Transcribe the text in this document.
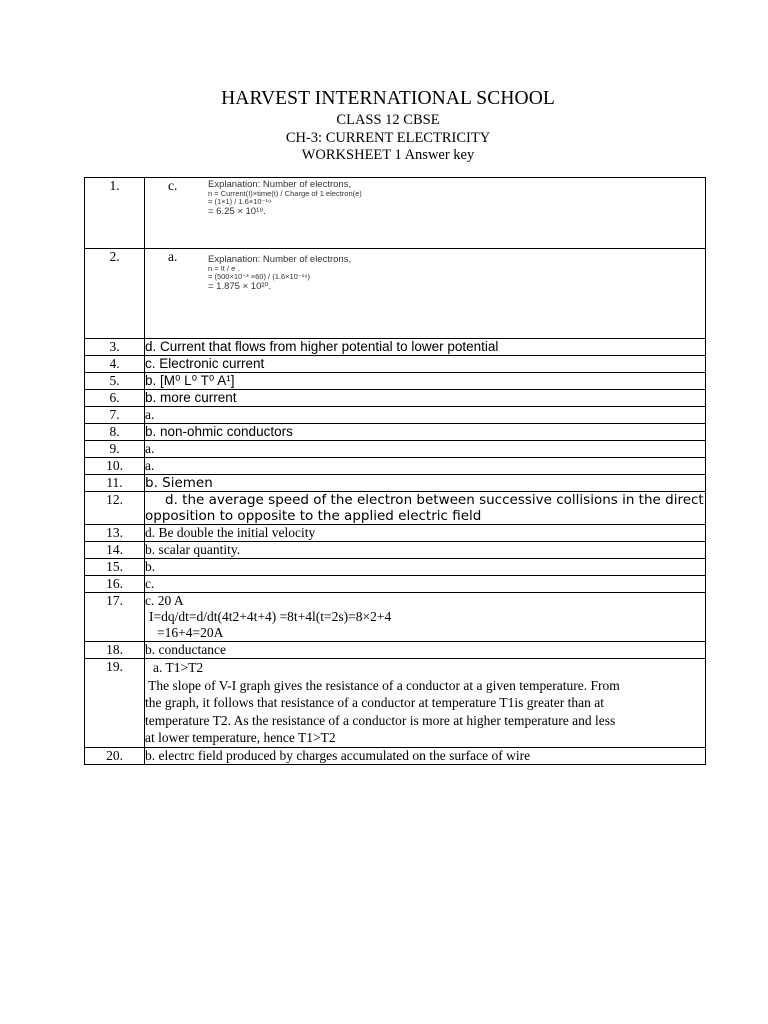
HARVEST INTERNATIONAL SCHOOL
CLASS 12 CBSE
CH-3: CURRENT ELECTRICITY
WORKSHEET 1 Answer key
1.	c. Explanation: Number of electrons,
n = Current(I)×time(t) / Charge of 1 electron(e)
= (1×1) / 1.6×10⁻¹⁹
= 6.25 × 10¹⁸.

2.	a. Explanation: Number of electrons,
n = It / e .
= (500×10⁻³ ×60) / (1.6×10⁻¹⁹)
= 1.875 × 10²⁰.

3.	d. Current that flows from higher potential to lower potential
4.	c. Electronic current
5.	b. [M⁰ L⁰ T⁰ A¹]
6.	b. more current
7.	a.
8.	b. non-ohmic conductors
9.	a.
10.	a.
11.	b. Siemen
12.	d. the average speed of the electron between successive collisions in the direct
opposition to opposite to the applied electric field

13.	d. Be double the initial velocity
14.	b. scalar quantity.
15.	b.
16.	c.
17.	c. 20 A
I=dq/dt=d/dt(4t2+4t+4) =8t+4l(t=2s)=8×2+4
=16+4=20A

18.	b. conductance
19.	a. T1>T2
The slope of V-I graph gives the resistance of a conductor at a given temperature. From
the graph, it follows that resistance of a conductor at temperature T1is greater than at
temperature T2. As the resistance of a conductor is more at higher temperature and less
at lower temperature, hence T1>T2

20.	b. electrc field produced by charges accumulated on the surface of wire
